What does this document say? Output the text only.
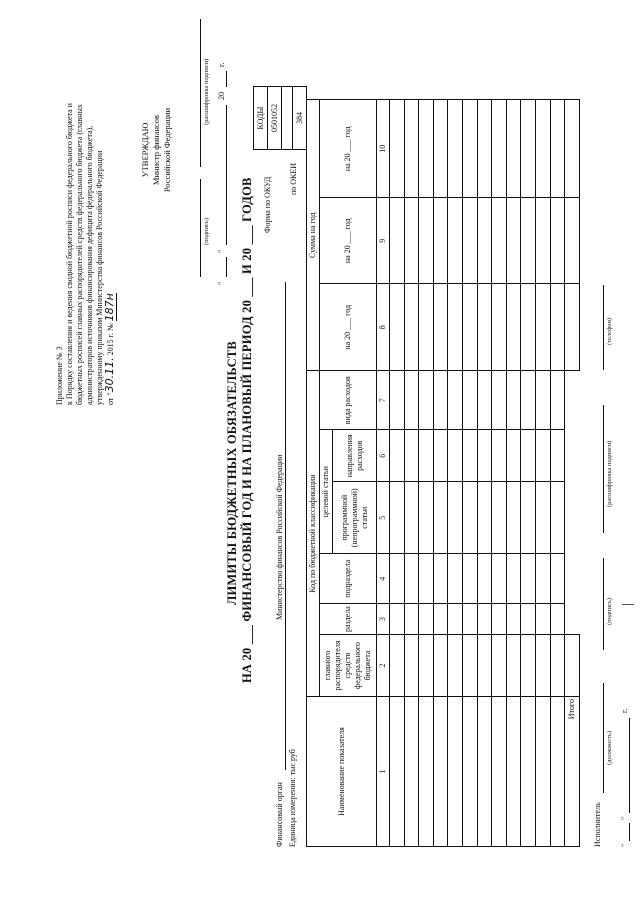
Приложение № 3 к Порядку составления и ведения сводной бюджетной росписи федерального бюджета и бюджетных росписей главных распорядителей средств федерального бюджета (главных администраторов источников финансирования дефицита федерального бюджета), утвержденному приказом Министерства финансов Российской Федерации от "30.11. 2015 г. № 187н
УТВЕРЖДАЮ Министр финансов Российской Федерации
(подпись)
(расшифровка подписи)
"
"
20
г.
ЛИМИТЫ БЮДЖЕТНЫХ ОБЯЗАТЕЛЬСТВ НА 20 ___ ФИНАНСОВЫЙ ГОД И НА ПЛАНОВЫЙ ПЕРИОД 20 ___ И 20 ___ ГОДОВ
Финансовый орган
Министерство финансов Российской Федерации
Единица измерения: тыс руб
Форма по ОКУД по ОКЕИ
КОДЫ
0501052

384
Наименование показателя	Код по бюджетной классификации						Сумма на год		
	главного распорядителя средств федерального бюджета	раздела	подраздела	целевой статьи		вида расходов	на 20 ___ год	на 20 ___ год	на 20 ___ год
				программной (непрограммной) статьи	направления расходов				
1	2	3	4	5	6	7	8	9	10

Итого									
Исполнитель
(должность)
(подпись)
(расшифровка подписи)
(телефон)
"
"
г.
